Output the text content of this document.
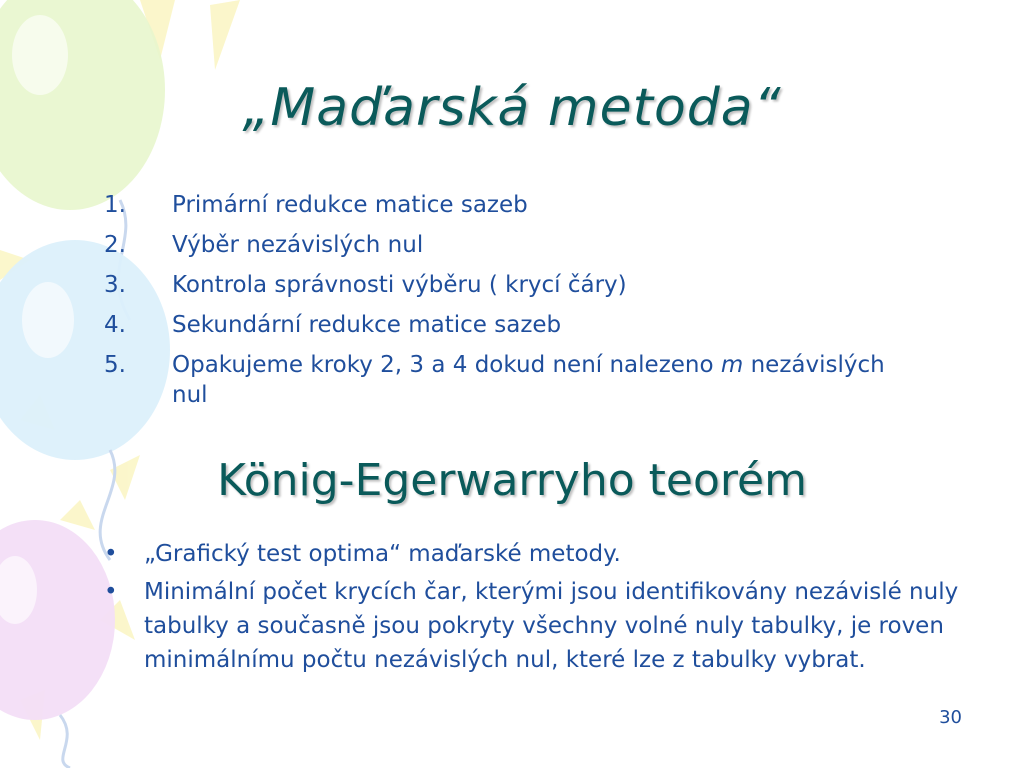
„Maďarská metoda“
1.	Primární redukce matice sazeb
2.	Výběr nezávislých nul
3.	Kontrola správnosti výběru ( krycí čáry)
4.	Sekundární redukce matice sazeb
5.	Opakujeme kroky 2, 3 a 4 dokud není nalezeno m nezávislých nul
König-Egerwarryho teorém
•	„Grafický test optima“ maďarské metody.
•	Minimální počet krycích čar, kterými jsou identifikovány nezávislé nuly tabulky a současně jsou pokryty všechny volné nuly tabulky, je roven minimálnímu počtu nezávislých nul, které lze z tabulky vybrat.
30
